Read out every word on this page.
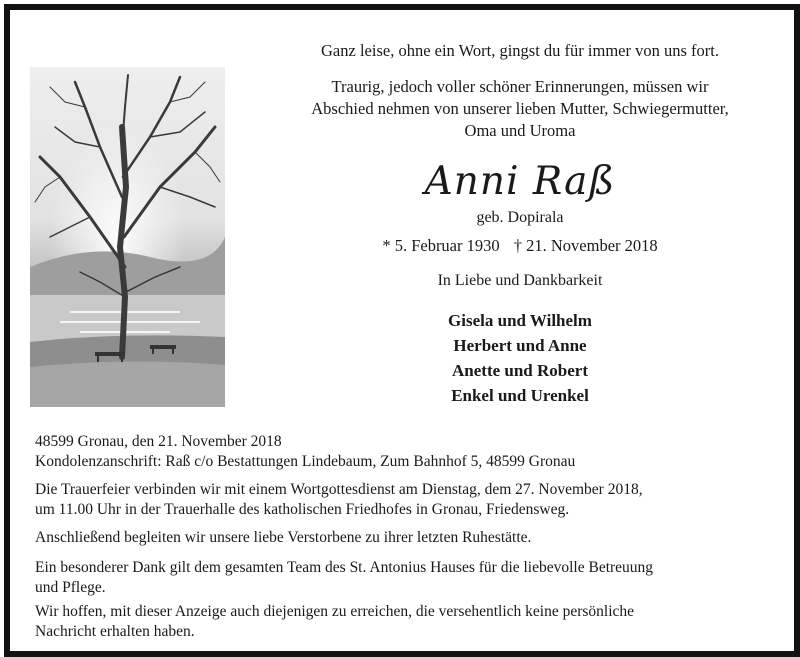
Ganz leise, ohne ein Wort, gingst du für immer von uns fort.
Traurig, jedoch voller schöner Erinnerungen, müssen wir
Abschied nehmen von unserer lieben Mutter, Schwiegermutter,
Oma und Uroma
Anni Raß
geb. Dopirala
* 5. Februar 1930 † 21. November 2018
In Liebe und Dankbarkeit
Gisela und Wilhelm
Herbert und Anne
Anette und Robert
Enkel und Urenkel

48599 Gronau, den 21. November 2018

Kondolenzanschrift: Raß c/o Bestattungen Lindebaum, Zum Bahnhof 5, 48599 Gronau

Die Trauerfeier verbinden wir mit einem Wortgottesdienst am Dienstag, dem 27. November 2018,

um 11.00 Uhr in der Trauerhalle des katholischen Friedhofes in Gronau, Friedensweg.

Anschließend begleiten wir unsere liebe Verstorbene zu ihrer letzten Ruhestätte.

Ein besonderer Dank gilt dem gesamten Team des St. Antonius Hauses für die liebevolle Betreuung

und Pflege.

Wir hoffen, mit dieser Anzeige auch diejenigen zu erreichen, die versehentlich keine persönliche

Nachricht erhalten haben.
